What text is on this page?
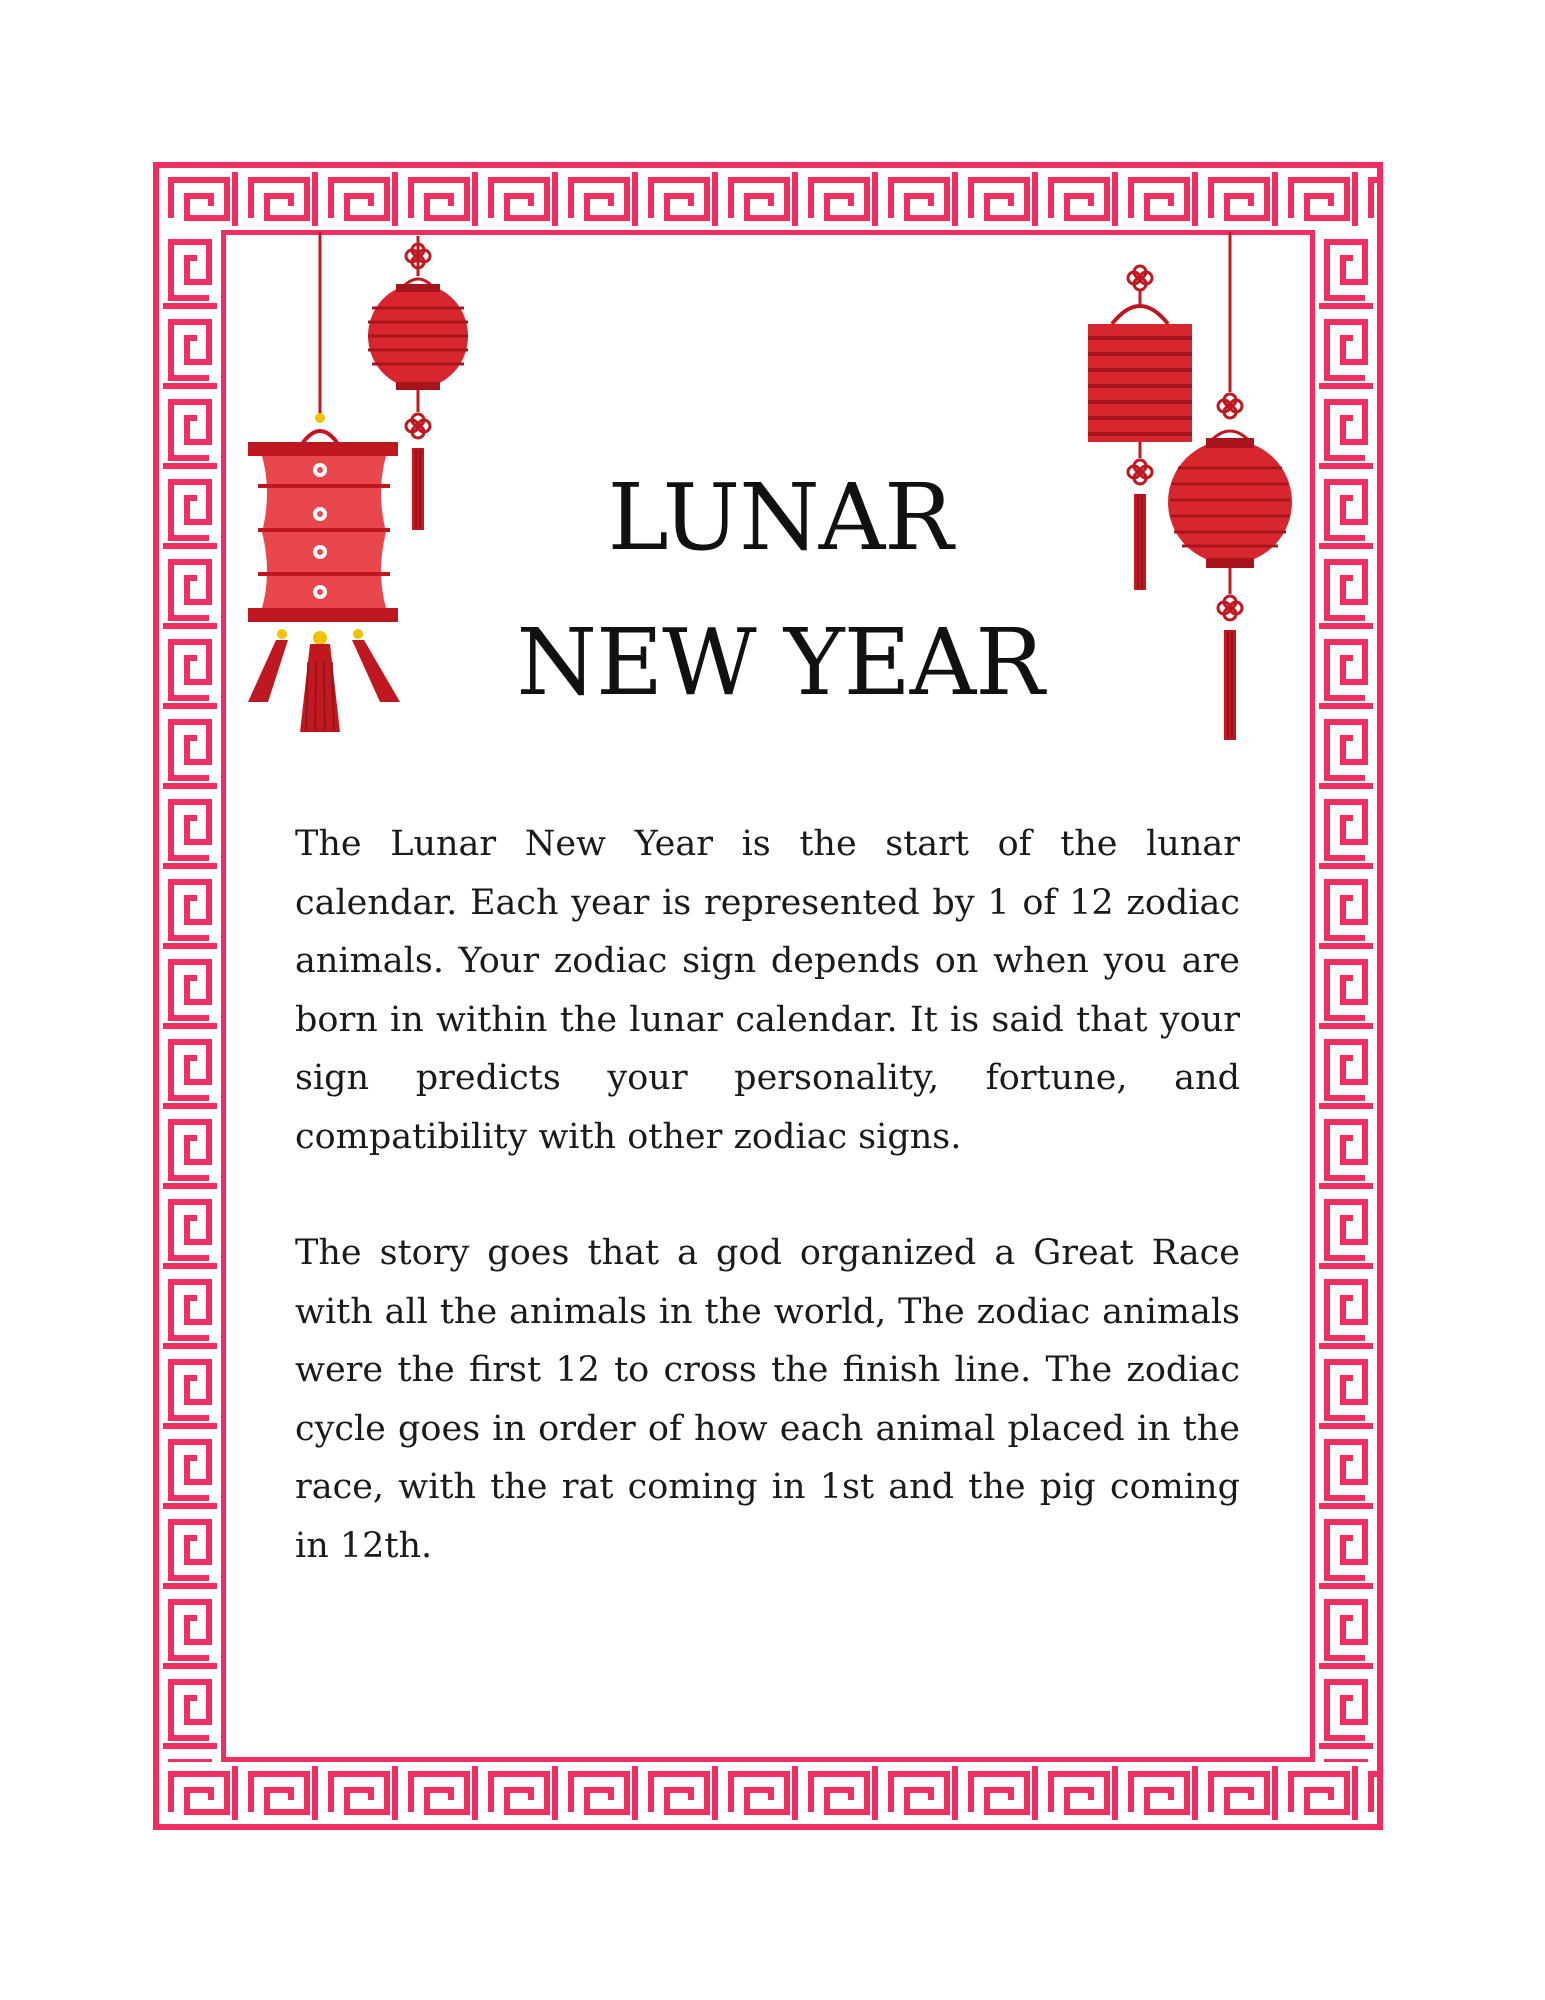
LUNAR
NEW YEAR

The Lunar New Year is the start of the lunar calendar. Each year is represented by 1 of 12 zodiac animals. Your zodiac sign depends on when you are born in within the lunar calendar. It is said that your sign predicts your personality, fortune, and compatibility with other zodiac signs.

The story goes that a god organized a Great Race with all the animals in the world, The zodiac animals were the first 12 to cross the finish line. The zodiac cycle goes in order of how each animal placed in the race, with the rat coming in 1st and the pig coming in 12th.
